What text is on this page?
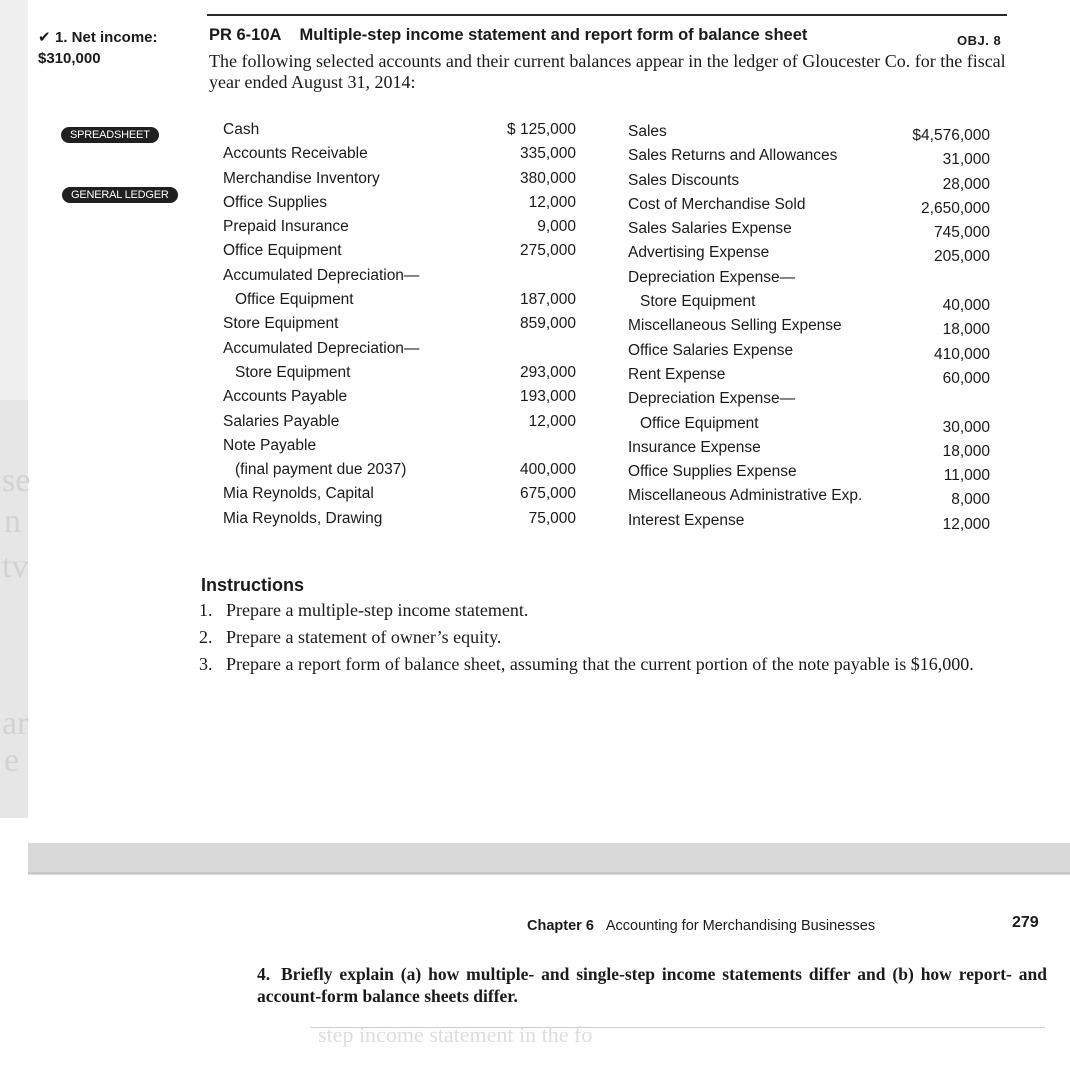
se
n
tv
ar
e
✔ 1. Net income:
$310,000
PR 6-10A Multiple-step income statement and report form of balance sheet	OBJ. 8
The following selected accounts and their current balances appear in the ledger of Gloucester Co. for the fiscal year ended August 31, 2014:
SPREADSHEET
GENERAL LEDGER
Cash
Accounts Receivable
Merchandise Inventory
Office Supplies
Prepaid Insurance
Office Equipment
Accumulated Depreciation—
Office Equipment
Store Equipment
Accumulated Depreciation—
Store Equipment
Accounts Payable
Salaries Payable
Note Payable
(final payment due 2037)
Mia Reynolds, Capital
Mia Reynolds, Drawing
$ 125,000
335,000
380,000
12,000
9,000
275,000
187,000
859,000
293,000
193,000
12,000
400,000
675,000
75,000
Sales
Sales Returns and Allowances
Sales Discounts
Cost of Merchandise Sold
Sales Salaries Expense
Advertising Expense
Depreciation Expense—
Store Equipment
Miscellaneous Selling Expense
Office Salaries Expense
Rent Expense
Depreciation Expense—
Office Equipment
Insurance Expense
Office Supplies Expense
Miscellaneous Administrative Exp.
Interest Expense
$4,576,000
31,000
28,000
2,650,000
745,000
205,000
40,000
18,000
410,000
60,000
30,000
18,000
11,000
8,000
12,000
Instructions
1. Prepare a multiple-step income statement.
2. Prepare a statement of owner’s equity.
3. Prepare a report form of balance sheet, assuming that the current portion of the note payable is $16,000.
Chapter 6 Accounting for Merchandising Businesses	279
4. Briefly explain (a) how multiple- and single-step income statements differ and (b) how report- and account-form balance sheets differ.
step income statement in the fo
